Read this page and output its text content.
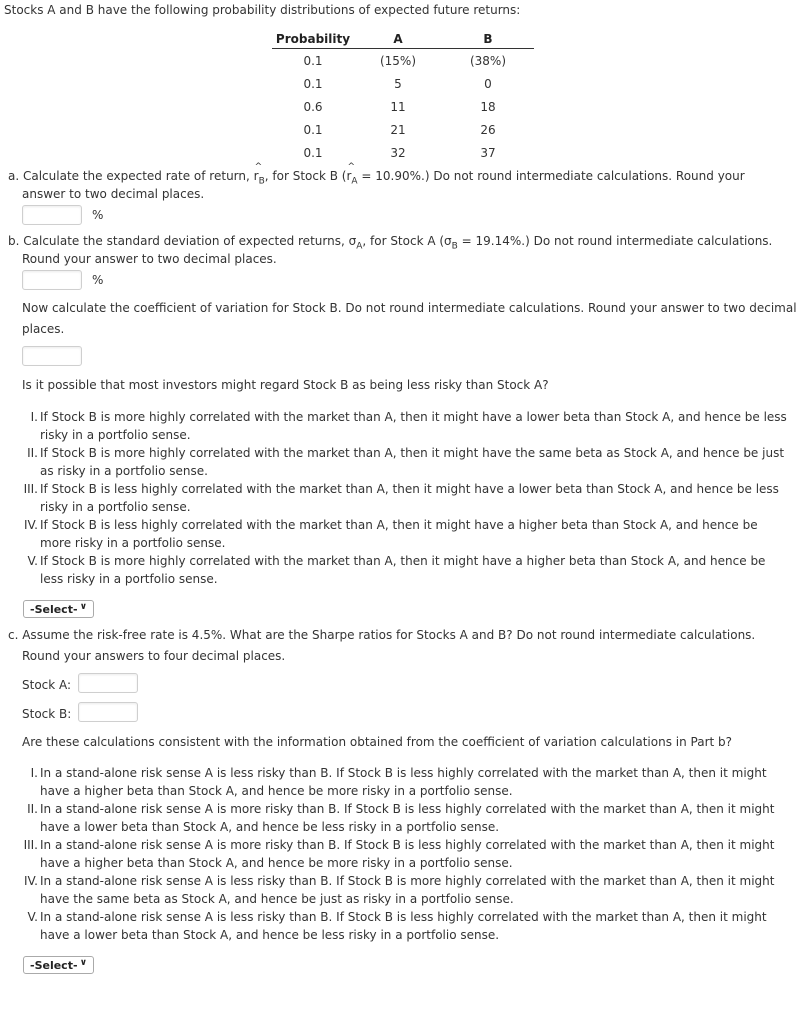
Stocks A and B have the following probability distributions of expected future returns:
Probability	A	B
0.1	(15%)	(38%)
0.1	5	0
0.6	11	18
0.1	21	26
0.1	32	37
a. Calculate the expected rate of return, ^ $r_B$, for Stock B (^ $r_A = 10.90\%$.) Do not round intermediate calculations. Round your
answer to two decimal places.
%
b. Calculate the standard deviation of expected returns, $\sigma_A$, for Stock A $(\sigma_B = 19.14\%.)$ Do not round intermediate calculations.
Round your answer to two decimal places.
%
Now calculate the coefficient of variation for Stock B. Do not round intermediate calculations. Round your answer to two decimal
places.
Is it possible that most investors might regard Stock B as being less risky than Stock A?
I. If Stock B is more highly correlated with the market than A, then it might have a lower beta than Stock A, and hence be less
risky in a portfolio sense.
II. If Stock B is more highly correlated with the market than A, then it might have the same beta as Stock A, and hence be just
as risky in a portfolio sense.
III. If Stock B is less highly correlated with the market than A, then it might have a lower beta than Stock A, and hence be less
risky in a portfolio sense.
IV. If Stock B is less highly correlated with the market than A, then it might have a higher beta than Stock A, and hence be
more risky in a portfolio sense.
V. If Stock B is more highly correlated with the market than A, then it might have a higher beta than Stock A, and hence be
less risky in a portfolio sense.
-Select- ∨
c. Assume the risk-free rate is 4.5%. What are the Sharpe ratios for Stocks A and B? Do not round intermediate calculations.
Round your answers to four decimal places.
Stock A:
Stock B:
Are these calculations consistent with the information obtained from the coefficient of variation calculations in Part b?
I. In a stand-alone risk sense A is less risky than B. If Stock B is less highly correlated with the market than A, then it might
have a higher beta than Stock A, and hence be more risky in a portfolio sense.
II. In a stand-alone risk sense A is more risky than B. If Stock B is less highly correlated with the market than A, then it might
have a lower beta than Stock A, and hence be less risky in a portfolio sense.
III. In a stand-alone risk sense A is more risky than B. If Stock B is less highly correlated with the market than A, then it might
have a higher beta than Stock A, and hence be more risky in a portfolio sense.
IV. In a stand-alone risk sense A is less risky than B. If Stock B is more highly correlated with the market than A, then it might
have the same beta as Stock A, and hence be just as risky in a portfolio sense.
V. In a stand-alone risk sense A is less risky than B. If Stock B is less highly correlated with the market than A, then it might
have a lower beta than Stock A, and hence be less risky in a portfolio sense.
-Select- ∨
